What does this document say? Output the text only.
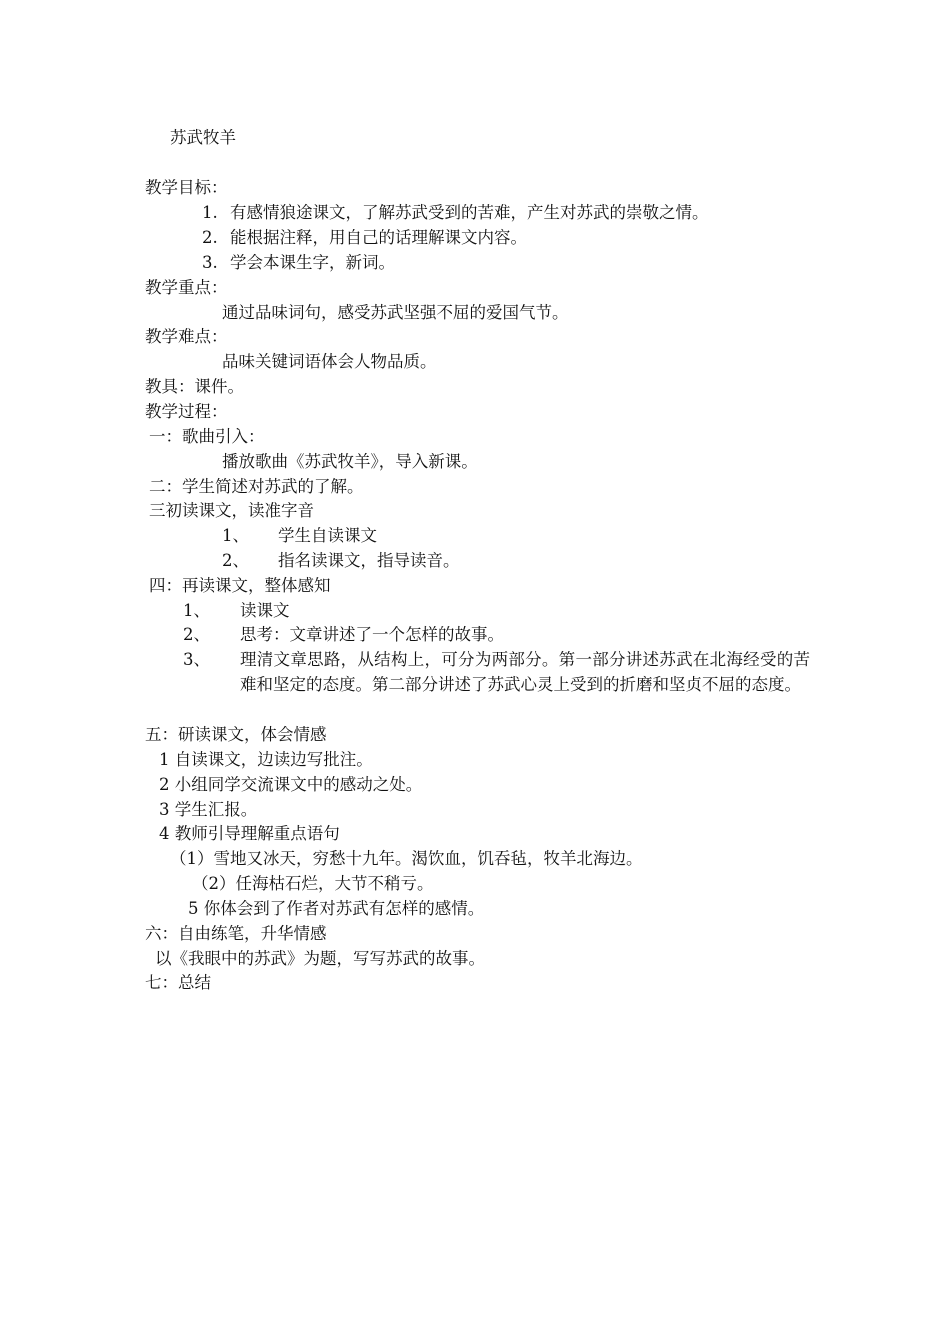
苏武牧羊
教学目标：
1. 有感情狼途课文，了解苏武受到的苦难，产生对苏武的崇敬之情。
2. 能根据注释，用自己的话理解课文内容。
3. 学会本课生字，新词。
教学重点：
通过品味词句，感受苏武坚强不屈的爱国气节。
教学难点：
品味关键词语体会人物品质。
教具：课件。
教学过程：
一：歌曲引入：
播放歌曲《苏武牧羊》，导入新课。
二：学生简述对苏武的了解。
三初读课文，读准字音
1、 学生自读课文
2、 指名读课文，指导读音。
四：再读课文，整体感知
1、 读课文
2、 思考：文章讲述了一个怎样的故事。
3、 理清文章思路，从结构上，可分为两部分。第一部分讲述苏武在北海经受的苦难和坚定的态度。第二部分讲述了苏武心灵上受到的折磨和坚贞不屈的态度。
五：研读课文，体会情感
1 自读课文，边读边写批注。
2 小组同学交流课文中的感动之处。
3 学生汇报。
4 教师引导理解重点语句
（1）雪地又冰天，穷愁十九年。渴饮血，饥吞毡，牧羊北海边。
（2）任海枯石烂，大节不稍亏。
5 你体会到了作者对苏武有怎样的感情。
六：自由练笔，升华情感
以《我眼中的苏武》为题，写写苏武的故事。
七：总结
